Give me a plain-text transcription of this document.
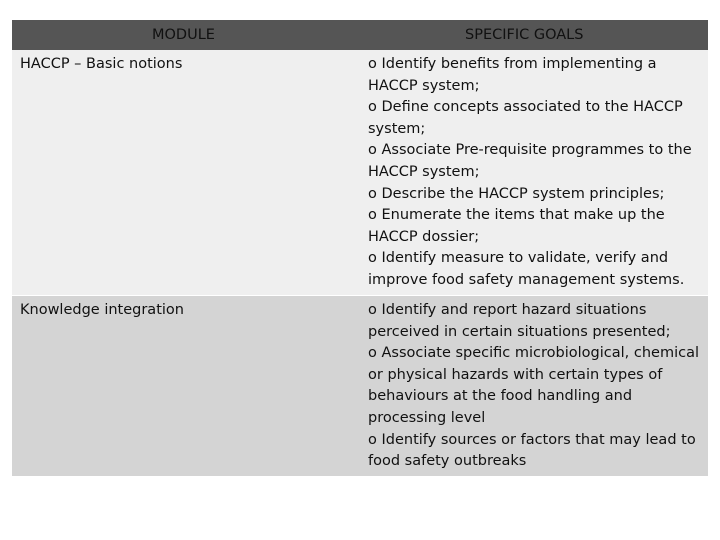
MODULE	SPECIFIC GOALS
HACCP – Basic notions	o Identify benefits from implementing a HACCP system;
o Define concepts associated to the HACCP system;
o Associate Pre-requisite programmes to the HACCP system;
o Describe the HACCP system principles;
o Enumerate the items that make up the HACCP dossier;
o Identify measure to validate, verify and improve food safety management systems.
Knowledge integration	o Identify and report hazard situations perceived in certain situations presented;
o Associate specific microbiological, chemical or physical hazards with certain types of behaviours at the food handling and processing level
o Identify sources or factors that may lead to food safety outbreaks
